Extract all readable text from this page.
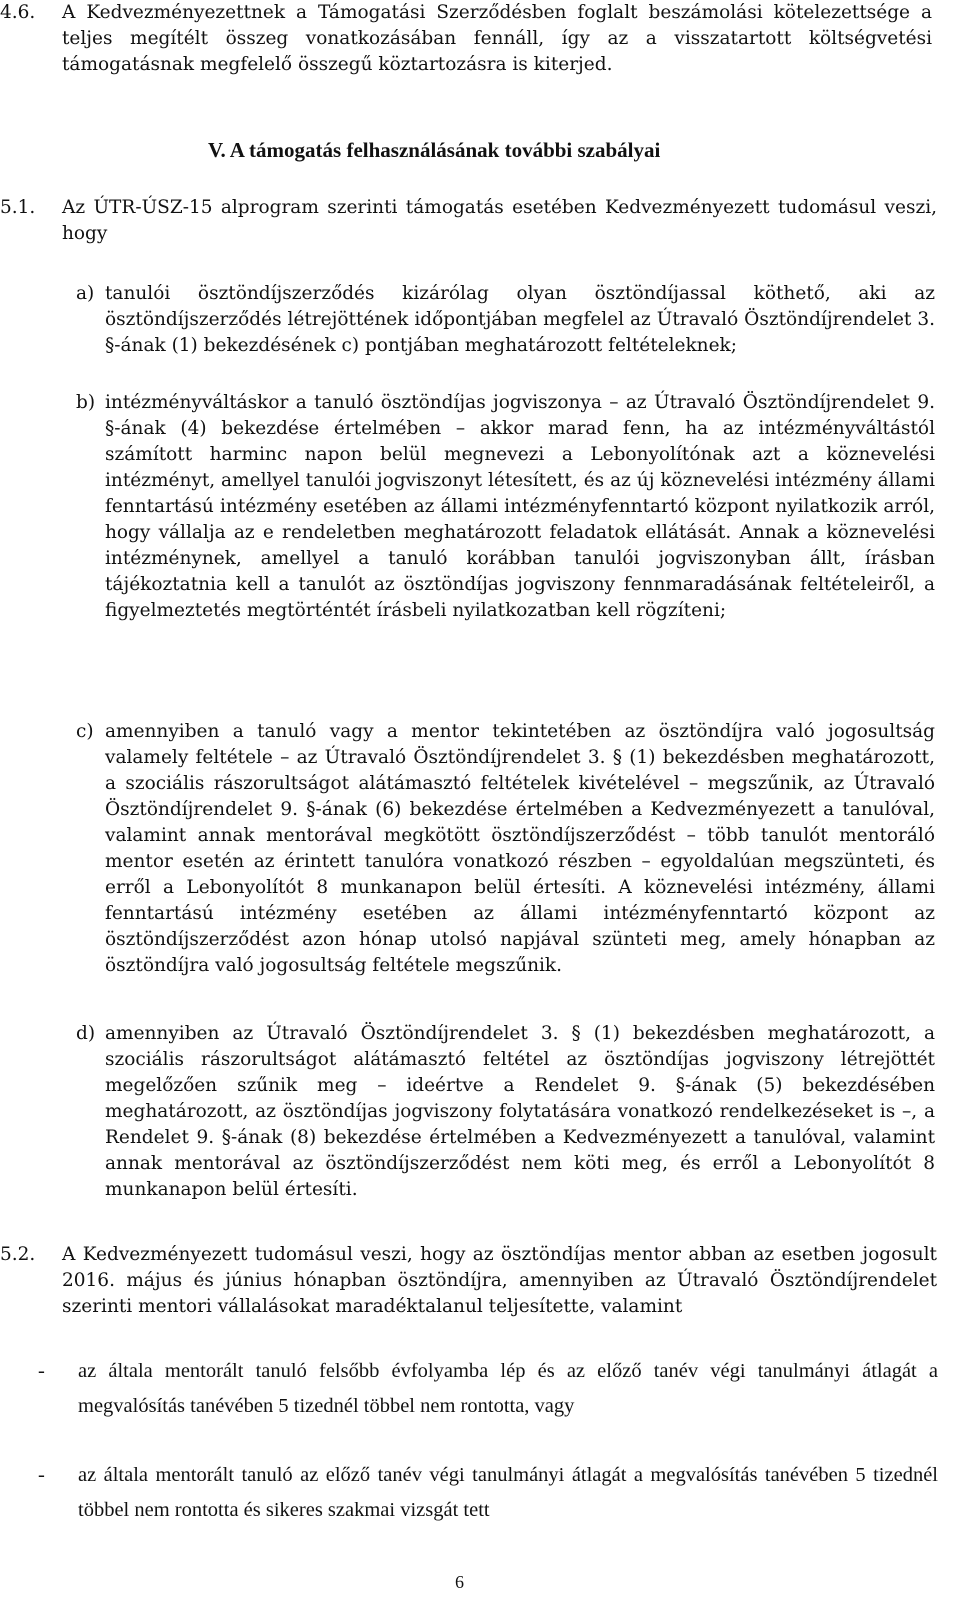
4.6. A Kedvezményezettnek a Támogatási Szerződésben foglalt beszámolási kötelezettsége a teljes megítélt összeg vonatkozásában fennáll, így az a visszatartott költségvetési támogatásnak megfelelő összegű köztartozásra is kiterjed.
V. A támogatás felhasználásának további szabályai
5.1. Az ÚTR-ÚSZ-15 alprogram szerinti támogatás esetében Kedvezményezett tudomásul veszi, hogy
a) tanulói ösztöndíjszerződés kizárólag olyan ösztöndíjassal köthető, aki az ösztöndíjszerződés létrejöttének időpontjában megfelel az Útravaló Ösztöndíjrendelet 3. §-ának (1) bekezdésének c) pontjában meghatározott feltételeknek;
b) intézményváltáskor a tanuló ösztöndíjas jogviszonya – az Útravaló Ösztöndíjrendelet 9. §-ának (4) bekezdése értelmében – akkor marad fenn, ha az intézményváltástól számított harminc napon belül megnevezi a Lebonyolítónak azt a köznevelési intézményt, amellyel tanulói jogviszonyt létesített, és az új köznevelési intézmény állami fenntartású intézmény esetében az állami intézményfenntartó központ nyilatkozik arról, hogy vállalja az e rendeletben meghatározott feladatok ellátását. Annak a köznevelési intézménynek, amellyel a tanuló korábban tanulói jogviszonyban állt, írásban tájékoztatnia kell a tanulót az ösztöndíjas jogviszony fennmaradásának feltételeiről, a figyelmeztetés megtörténtét írásbeli nyilatkozatban kell rögzíteni;
c) amennyiben a tanuló vagy a mentor tekintetében az ösztöndíjra való jogosultság valamely feltétele – az Útravaló Ösztöndíjrendelet 3. § (1) bekezdésben meghatározott, a szociális rászorultságot alátámasztó feltételek kivételével – megszűnik, az Útravaló Ösztöndíjrendelet 9. §-ának (6) bekezdése értelmében a Kedvezményezett a tanulóval, valamint annak mentorával megkötött ösztöndíjszerződést – több tanulót mentoráló mentor esetén az érintett tanulóra vonatkozó részben – egyoldalúan megszünteti, és erről a Lebonyolítót 8 munkanapon belül értesíti. A köznevelési intézmény, állami fenntartású intézmény esetében az állami intézményfenntartó központ az ösztöndíjszerződést azon hónap utolsó napjával szünteti meg, amely hónapban az ösztöndíjra való jogosultság feltétele megszűnik.
d) amennyiben az Útravaló Ösztöndíjrendelet 3. § (1) bekezdésben meghatározott, a szociális rászorultságot alátámasztó feltétel az ösztöndíjas jogviszony létrejöttét megelőzően szűnik meg – ideértve a Rendelet 9. §-ának (5) bekezdésében meghatározott, az ösztöndíjas jogviszony folytatására vonatkozó rendelkezéseket is –, a Rendelet 9. §-ának (8) bekezdése értelmében a Kedvezményezett a tanulóval, valamint annak mentorával az ösztöndíjszerződést nem köti meg, és erről a Lebonyolítót 8 munkanapon belül értesíti.
5.2. A Kedvezményezett tudomásul veszi, hogy az ösztöndíjas mentor abban az esetben jogosult 2016. május és június hónapban ösztöndíjra, amennyiben az Útravaló Ösztöndíjrendelet szerinti mentori vállalásokat maradéktalanul teljesítette, valamint
- az általa mentorált tanuló felsőbb évfolyamba lép és az előző tanév végi tanulmányi átlagát a megvalósítás tanévében 5 tizednél többel nem rontotta, vagy
- az általa mentorált tanuló az előző tanév végi tanulmányi átlagát a megvalósítás tanévében 5 tizednél többel nem rontotta és sikeres szakmai vizsgát tett
6
